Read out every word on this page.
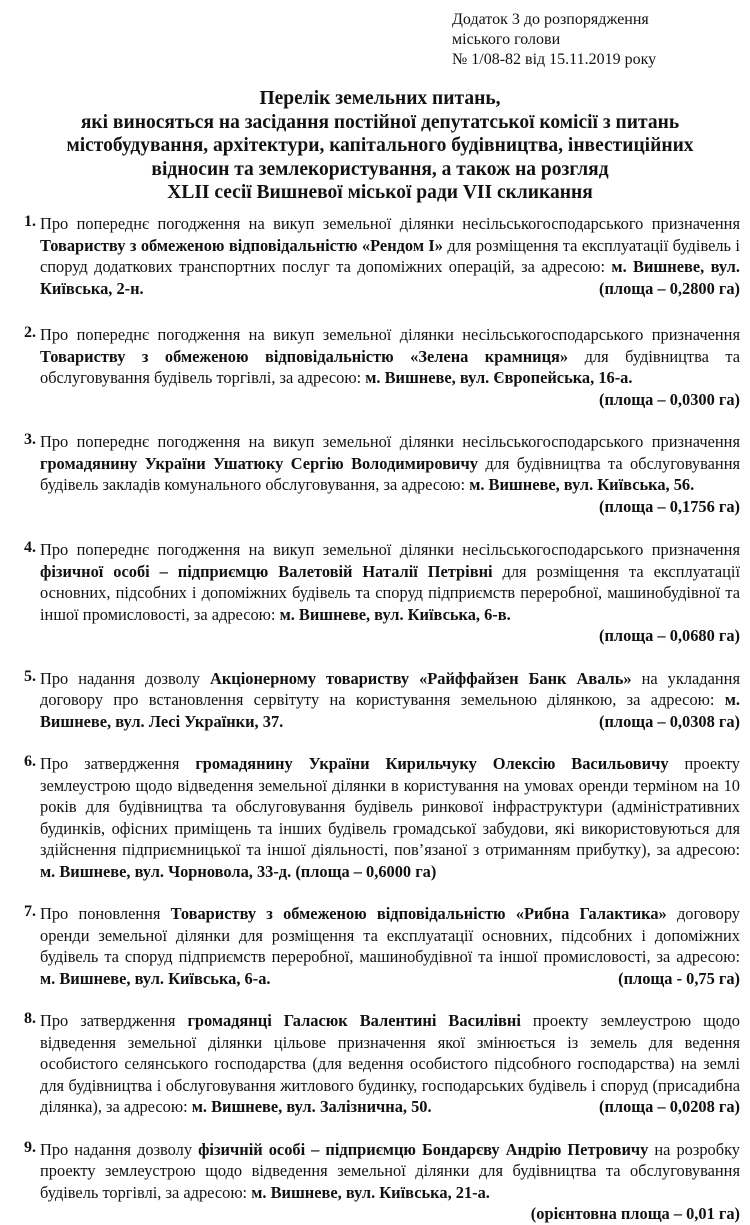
Додаток 3 до розпорядження
міського голови
№ 1/08-82 від 15.11.2019 року
Перелік земельних питань,
які виносяться на засідання постійної депутатської комісії з питань
містобудування, архітектури, капітального будівництва, інвестиційних
відносин та землекористування, а також на розгляд
XLII сесії Вишневої міської ради VII скликання
1. Про попереднє погодження на викуп земельної ділянки несільськогосподарського призначення Товариству з обмеженою відповідальністю «Рендом І» для розміщення та експлуатації будівель і споруд додаткових транспортних послуг та допоміжних операцій, за адресою: м. Вишневе, вул. Київська, 2-н.	(площа – 0,2800 га)
2. Про попереднє погодження на викуп земельної ділянки несільськогосподарського призначення Товариству з обмеженою відповідальністю «Зелена крамниця» для будівництва та обслуговування будівель торгівлі, за адресою: м. Вишневе, вул. Європейська, 16-а.
(площа – 0,0300 га)
3. Про попереднє погодження на викуп земельної ділянки несільськогосподарського призначення громадянину України Ушатюку Сергію Володимировичу для будівництва та обслуговування будівель закладів комунального обслуговування, за адресою: м. Вишневе, вул. Київська, 56.
(площа – 0,1756 га)
4. Про попереднє погодження на викуп земельної ділянки несільськогосподарського призначення фізичної особі – підприємцю Валетовій Наталії Петрівні для розміщення та експлуатації основних, підсобних і допоміжних будівель та споруд підприємств переробної, машинобудівної та іншої промисловості, за адресою: м. Вишневе, вул. Київська, 6-в.
(площа – 0,0680 га)
5. Про надання дозволу Акціонерному товариству «Райффайзен Банк Аваль» на укладання договору про встановлення сервітуту на користування земельною ділянкою, за адресою: м. Вишневе, вул. Лесі Українки, 37.	(площа – 0,0308 га)
6. Про затвердження громадянину України Кирильчуку Олексію Васильовичу проекту землеустрою щодо відведення земельної ділянки в користування на умовах оренди терміном на 10 років для будівництва та обслуговування будівель ринкової інфраструктури (адміністративних будинків, офісних приміщень та інших будівель громадської забудови, які використовуються для здійснення підприємницької та іншої діяльності, пов’язаної з отриманням прибутку), за адресою: м. Вишневе, вул. Чорновола, 33-д. (площа – 0,6000 га)
7. Про поновлення Товариству з обмеженою відповідальністю «Рибна Галактика» договору оренди земельної ділянки для розміщення та експлуатації основних, підсобних і допоміжних будівель та споруд підприємств переробної, машинобудівної та іншої промисловості, за адресою: м. Вишневе, вул. Київська, 6-а.	(площа - 0,75 га)
8. Про затвердження громадянці Галасюк Валентині Василівні проекту землеустрою щодо відведення земельної ділянки цільове призначення якої змінюється із земель для ведення особистого селянського господарства (для ведення особистого підсобного господарства) на землі для будівництва і обслуговування житлового будинку, господарських будівель і споруд (присадибна ділянка), за адресою: м. Вишневе, вул. Залізнична, 50.	(площа – 0,0208 га)
9. Про надання дозволу фізичній особі – підприємцю Бондарєву Андрію Петровичу на розробку проекту землеустрою щодо відведення земельної ділянки для будівництва та обслуговування будівель торгівлі, за адресою: м. Вишневе, вул. Київська, 21-а.
(орієнтовна площа – 0,01 га)
